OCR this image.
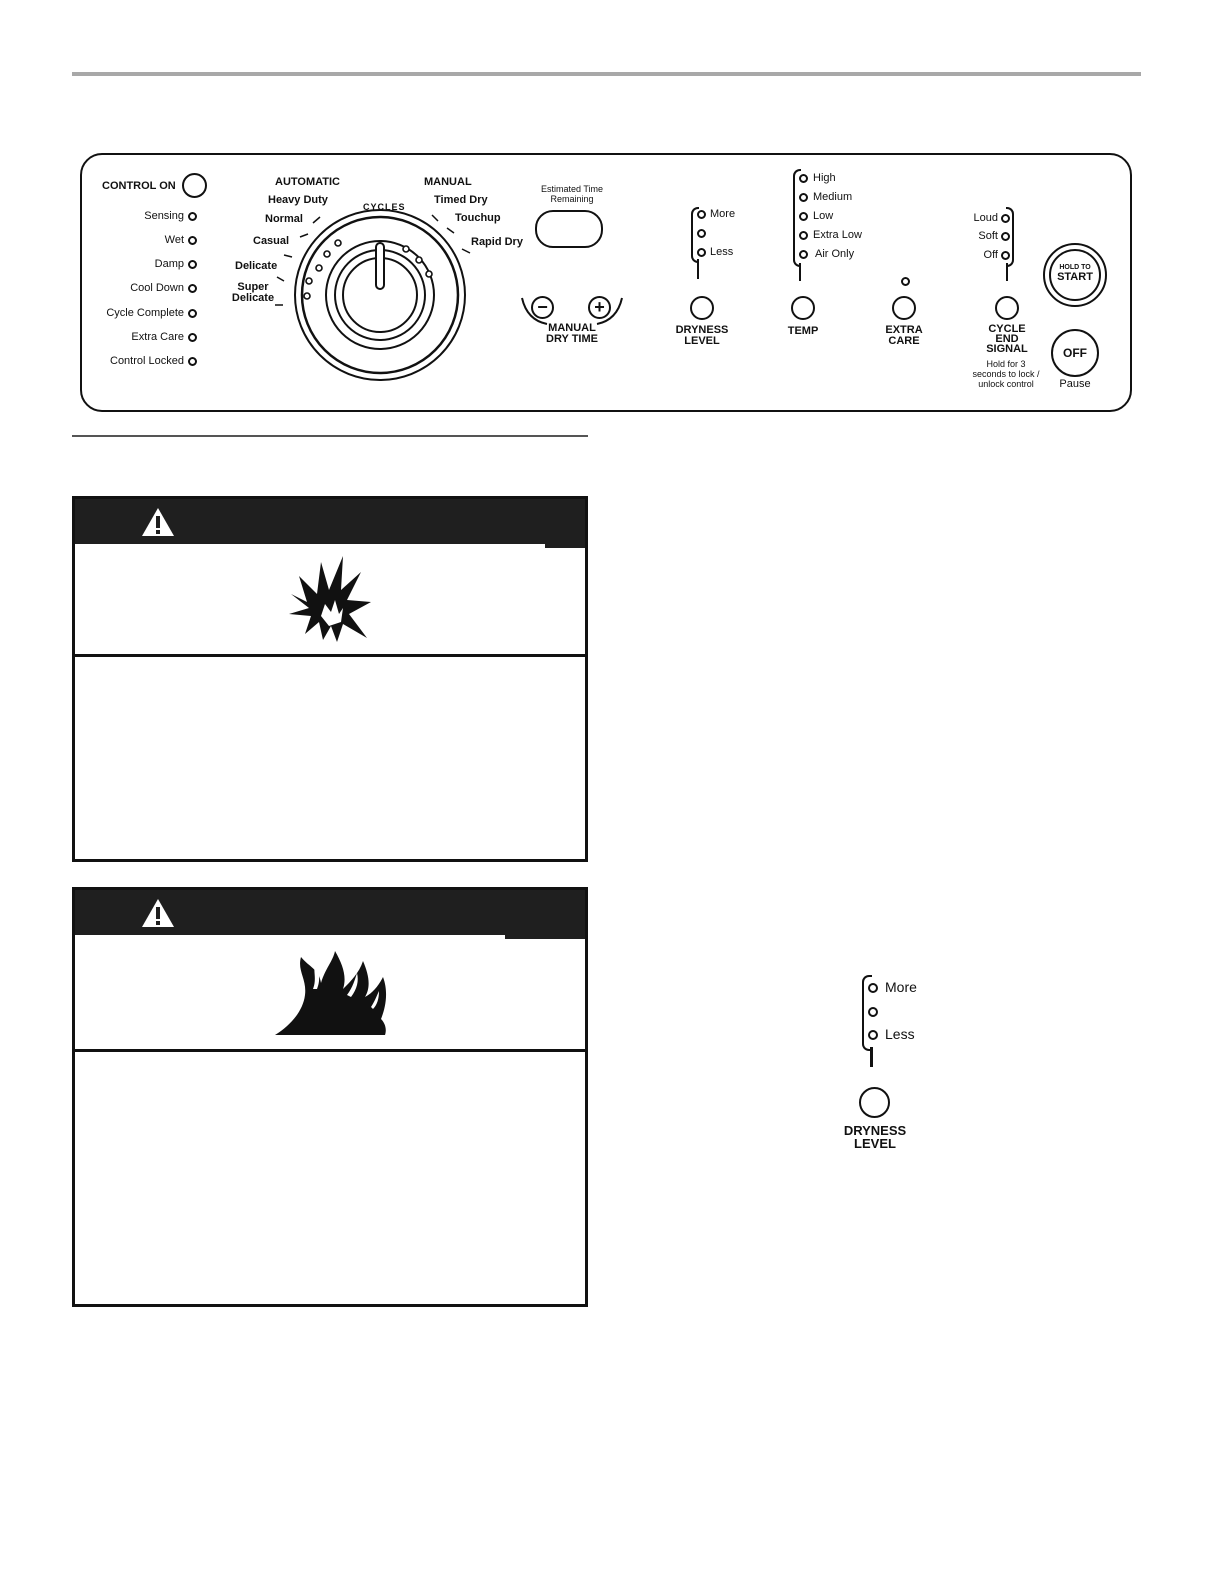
CONTROL ON
Sensing
Wet
Damp
Cool Down
Cycle Complete
Extra Care
Control Locked
AUTOMATIC	MANUAL
Heavy Duty
Normal
Casual
Delicate
Super Delicate
Timed Dry
Touchup
Rapid Dry
CYCLES
Estimated Time Remaining
−	+
MANUAL DRY TIME
More
Less
DRYNESS LEVEL
High
Medium
Low
Extra Low
Air Only
TEMP	EXTRA CARE
Loud
Soft
Off
CYCLE END SIGNAL
Hold for 3 seconds to lock / unlock control
HOLD TO
START
OFF
Pause
More
Less
DRYNESS LEVEL
